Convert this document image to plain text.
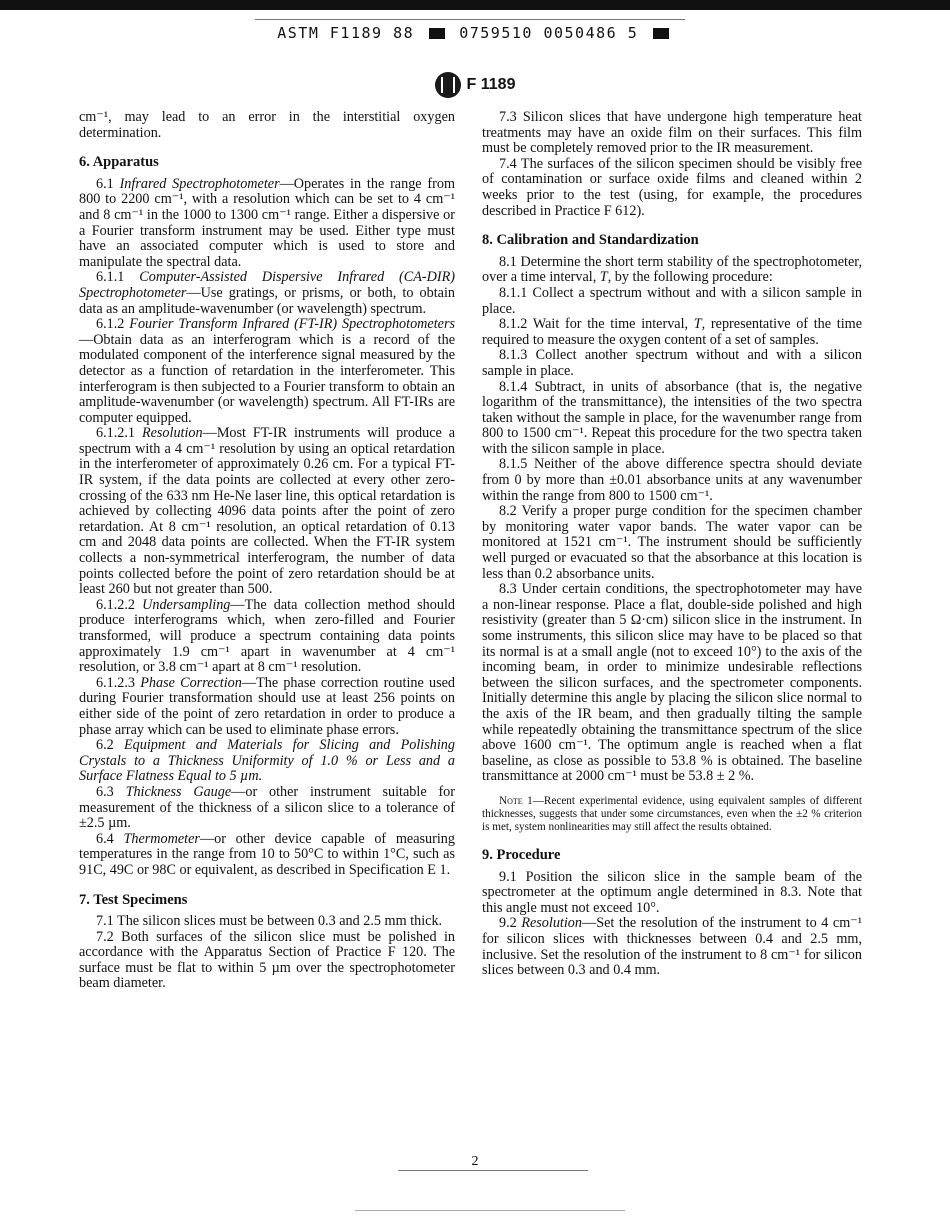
ASTM F1189 88	0759510 0050486 5
F 1189

cm⁻¹, may lead to an error in the interstitial oxygen determination.

6. Apparatus

6.1 Infrared Spectrophotometer—Operates in the range from 800 to 2200 cm⁻¹, with a resolution which can be set to 4 cm⁻¹ and 8 cm⁻¹ in the 1000 to 1300 cm⁻¹ range. Either a dispersive or a Fourier transform instrument may be used. Either type must have an associated computer which is used to store and manipulate the spectral data.

6.1.1 Computer-Assisted Dispersive Infrared (CA-DIR) Spectrophotometer—Use gratings, or prisms, or both, to obtain data as an amplitude-wavenumber (or wavelength) spectrum.

6.1.2 Fourier Transform Infrared (FT-IR) Spectrophotometers—Obtain data as an interferogram which is a record of the modulated component of the interference signal measured by the detector as a function of retardation in the interferometer. This interferogram is then subjected to a Fourier transform to obtain an amplitude-wavenumber (or wavelength) spectrum. All FT-IRs are computer equipped.

6.1.2.1 Resolution—Most FT-IR instruments will produce a spectrum with a 4 cm⁻¹ resolution by using an optical retardation in the interferometer of approximately 0.26 cm. For a typical FT-IR system, if the data points are collected at every other zero-crossing of the 633 nm He-Ne laser line, this optical retardation is achieved by collecting 4096 data points after the point of zero retardation. At 8 cm⁻¹ resolution, an optical retardation of 0.13 cm and 2048 data points are collected. When the FT-IR system collects a non-symmetrical interferogram, the number of data points collected before the point of zero retardation should be at least 260 but not greater than 500.

6.1.2.2 Undersampling—The data collection method should produce interferograms which, when zero-filled and Fourier transformed, will produce a spectrum containing data points approximately 1.9 cm⁻¹ apart in wavenumber at 4 cm⁻¹ resolution, or 3.8 cm⁻¹ apart at 8 cm⁻¹ resolution.

6.1.2.3 Phase Correction—The phase correction routine used during Fourier transformation should use at least 256 points on either side of the point of zero retardation in order to produce a phase array which can be used to eliminate phase errors.

6.2 Equipment and Materials for Slicing and Polishing Crystals to a Thickness Uniformity of 1.0 % or Less and a Surface Flatness Equal to 5 µm.

6.3 Thickness Gauge—or other instrument suitable for measurement of the thickness of a silicon slice to a tolerance of ±2.5 µm.

6.4 Thermometer—or other device capable of measuring temperatures in the range from 10 to 50°C to within 1°C, such as 91C, 49C or 98C or equivalent, as described in Specification E 1.

7. Test Specimens

7.1 The silicon slices must be between 0.3 and 2.5 mm thick.

7.2 Both surfaces of the silicon slice must be polished in accordance with the Apparatus Section of Practice F 120. The surface must be flat to within 5 µm over the spectrophotometer beam diameter.

7.3 Silicon slices that have undergone high temperature heat treatments may have an oxide film on their surfaces. This film must be completely removed prior to the IR measurement.

7.4 The surfaces of the silicon specimen should be visibly free of contamination or surface oxide films and cleaned within 2 weeks prior to the test (using, for example, the procedures described in Practice F 612).

8. Calibration and Standardization

8.1 Determine the short term stability of the spectrophotometer, over a time interval, T, by the following procedure:

8.1.1 Collect a spectrum without and with a silicon sample in place.

8.1.2 Wait for the time interval, T, representative of the time required to measure the oxygen content of a set of samples.

8.1.3 Collect another spectrum without and with a silicon sample in place.

8.1.4 Subtract, in units of absorbance (that is, the negative logarithm of the transmittance), the intensities of the two spectra taken without the sample in place, for the wavenumber range from 800 to 1500 cm⁻¹. Repeat this procedure for the two spectra taken with the silicon sample in place.

8.1.5 Neither of the above difference spectra should deviate from 0 by more than ±0.01 absorbance units at any wavenumber within the range from 800 to 1500 cm⁻¹.

8.2 Verify a proper purge condition for the specimen chamber by monitoring water vapor bands. The water vapor can be monitored at 1521 cm⁻¹. The instrument should be sufficiently well purged or evacuated so that the absorbance at this location is less than 0.2 absorbance units.

8.3 Under certain conditions, the spectrophotometer may have a non-linear response. Place a flat, double-side polished and high resistivity (greater than 5 Ω·cm) silicon slice in the instrument. In some instruments, this silicon slice may have to be placed so that its normal is at a small angle (not to exceed 10°) to the axis of the incoming beam, in order to minimize undesirable reflections between the silicon surfaces, and the spectrometer components. Initially determine this angle by placing the silicon slice normal to the axis of the IR beam, and then gradually tilting the sample while repeatedly obtaining the transmittance spectrum of the slice above 1600 cm⁻¹. The optimum angle is reached when a flat baseline, as close as possible to 53.8 % is obtained. The baseline transmittance at 2000 cm⁻¹ must be 53.8 ± 2 %.

Note 1—Recent experimental evidence, using equivalent samples of different thicknesses, suggests that under some circumstances, even when the ±2 % criterion is met, system nonlinearities may still affect the results obtained.

9. Procedure

9.1 Position the silicon slice in the sample beam of the spectrometer at the optimum angle determined in 8.3. Note that this angle must not exceed 10°.

9.2 Resolution—Set the resolution of the instrument to 4 cm⁻¹ for silicon slices with thicknesses between 0.4 and 2.5 mm, inclusive. Set the resolution of the instrument to 8 cm⁻¹ for silicon slices between 0.3 and 0.4 mm.

2
